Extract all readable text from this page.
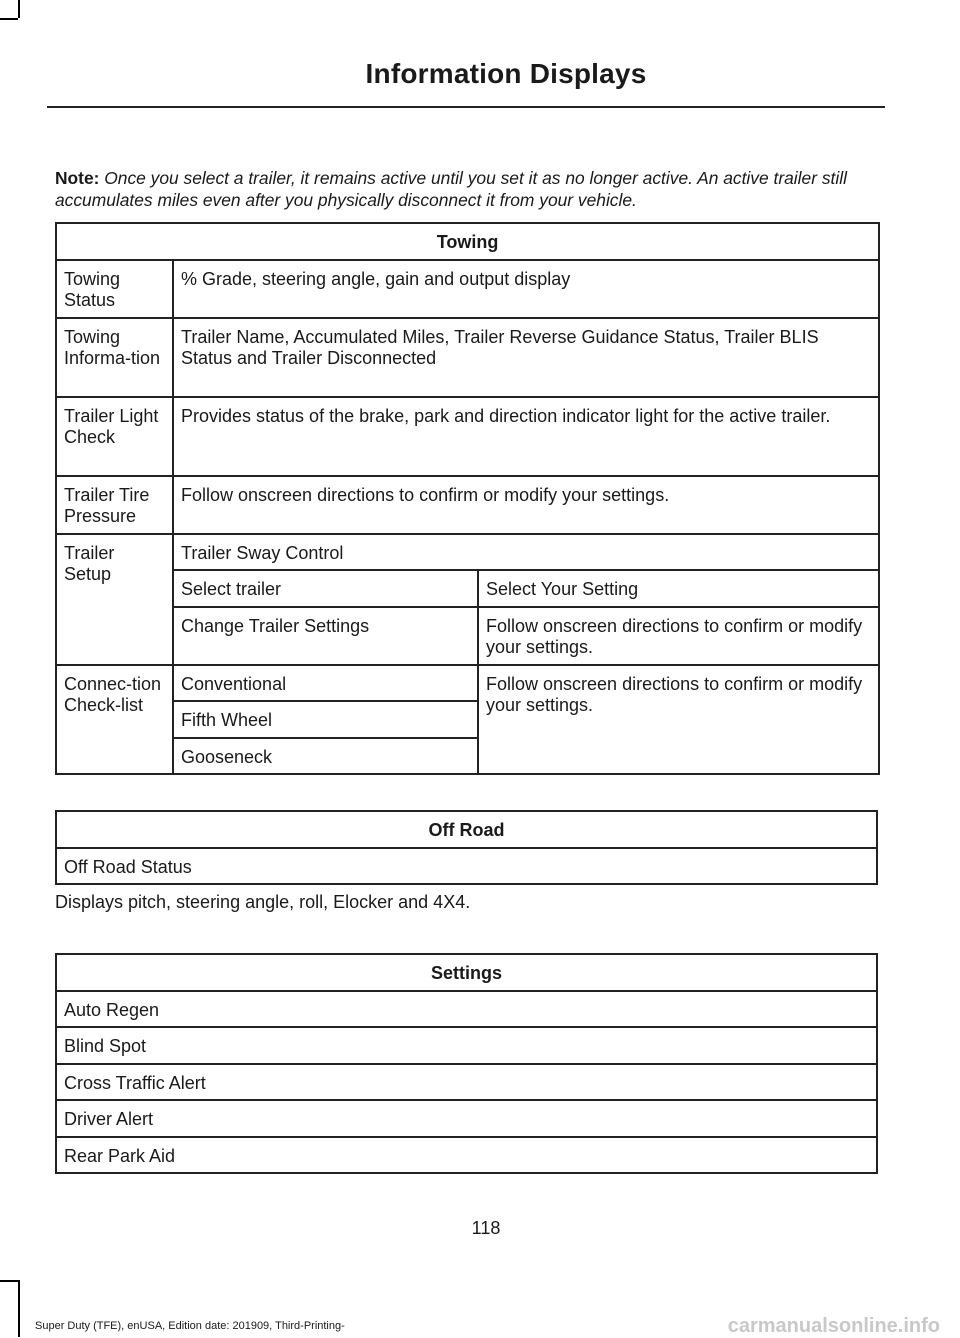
Information Displays
Note: Once you select a trailer, it remains active until you set it as no longer active. An active trailer still accumulates miles even after you physically disconnect it from your vehicle.
Towing		
Towing Status	% Grade, steering angle, gain and output display	
Towing Informa-tion	Trailer Name, Accumulated Miles, Trailer Reverse Guidance Status, Trailer BLIS Status and Trailer Disconnected	
Trailer Light Check	Provides status of the brake, park and direction indicator light for the active trailer.	
Trailer Tire Pressure	Follow onscreen directions to confirm or modify your settings.	
Trailer Setup	Trailer Sway Control	
	Select trailer	Select Your Setting
	Change Trailer Settings	Follow onscreen directions to confirm or modify your settings.
Connec-tion Check-list	Conventional	Follow onscreen directions to confirm or modify your settings.
	Fifth Wheel	
	Gooseneck	
Off Road
Off Road Status
Displays pitch, steering angle, roll, Elocker and 4X4.
Settings
Auto Regen
Blind Spot
Cross Traffic Alert
Driver Alert
Rear Park Aid
118
Super Duty (TFE), enUSA, Edition date: 201909, Third-Printing-	carmanualsonline.info
